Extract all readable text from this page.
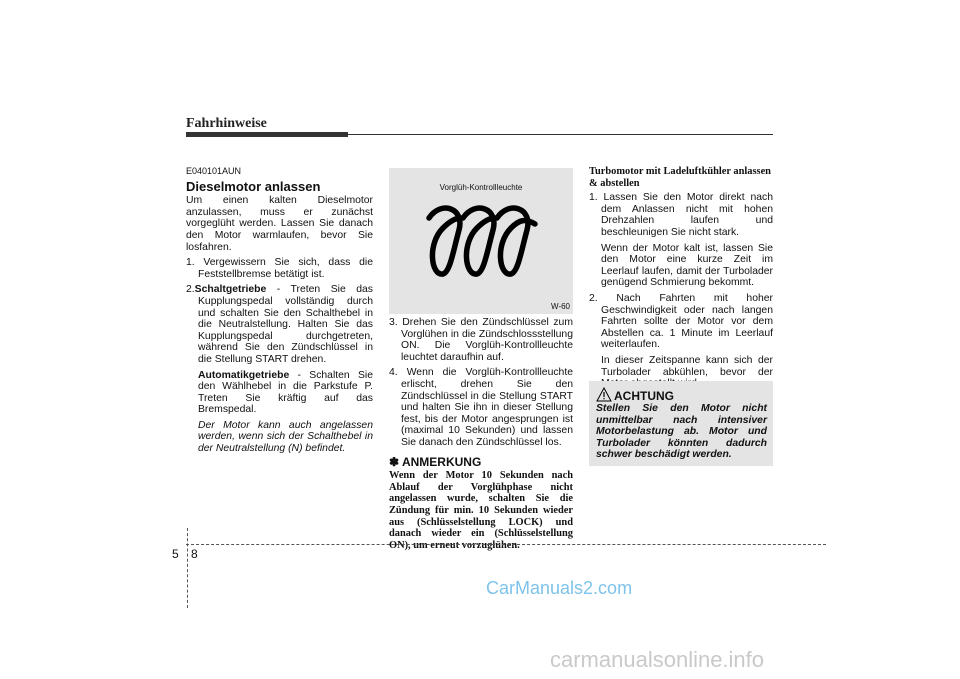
Fahrhinweise
E040101AUN
Dieselmotor anlassen

Um einen kalten Dieselmotor anzulassen, muss er zunächst vorgeglüht werden. Lassen Sie danach den Motor warmlaufen, bevor Sie losfahren.

1. Vergewissern Sie sich, dass die Feststellbremse betätigt ist.

2.Schaltgetriebe - Treten Sie das Kupplungspedal vollständig durch und schalten Sie den Schalthebel in die Neutralstellung. Halten Sie das Kupplungspedal durchgetreten, während Sie den Zündschlüssel in die Stellung START drehen.

Automatikgetriebe - Schalten Sie den Wählhebel in die Parkstufe P. Treten Sie kräftig auf das Bremspedal.

Der Motor kann auch angelassen werden, wenn sich der Schalthebel in der Neutralstellung (N) befindet.

Vorglüh-Kontrollleuchte
W-60

3. Drehen Sie den Zündschlüssel zum Vorglühen in die Zündschlossstellung ON. Die Vorglüh-Kontrollleuchte leuchtet daraufhin auf.

4. Wenn die Vorglüh-Kontrollleuchte erlischt, drehen Sie den Zündschlüssel in die Stellung START und halten Sie ihn in dieser Stellung fest, bis der Motor angesprungen ist (maximal 10 Sekunden) und lassen Sie danach den Zündschlüssel los.

✽ ANMERKUNG
Wenn der Motor 10 Sekunden nach Ablauf der Vorglühphase nicht angelassen wurde, schalten Sie die Zündung für min. 10 Sekunden wieder aus (Schlüsselstellung LOCK) und danach wieder ein (Schlüsselstellung ON), um erneut vorzuglühen.
Turbomotor mit Ladeluftkühler anlassen & abstellen

1. Lassen Sie den Motor direkt nach dem Anlassen nicht mit hohen Drehzahlen laufen und beschleunigen Sie nicht stark.

Wenn der Motor kalt ist, lassen Sie den Motor eine kurze Zeit im Leerlauf laufen, damit der Turbolader genügend Schmierung bekommt.

2. Nach Fahrten mit hoher Geschwindigkeit oder nach langen Fahrten sollte der Motor vor dem Abstellen ca. 1 Minute im Leerlauf weiterlaufen.

In dieser Zeitspanne kann sich der Turbolader abkühlen, bevor der

ACHTUNG
Stellen Sie den Motor nicht unmittelbar nach intensiver Motorbelastung ab. Motor und Turbolader könnten dadurch schwer beschädigt werden.
5 8
CarManuals2.com
carmanualsonline.info
